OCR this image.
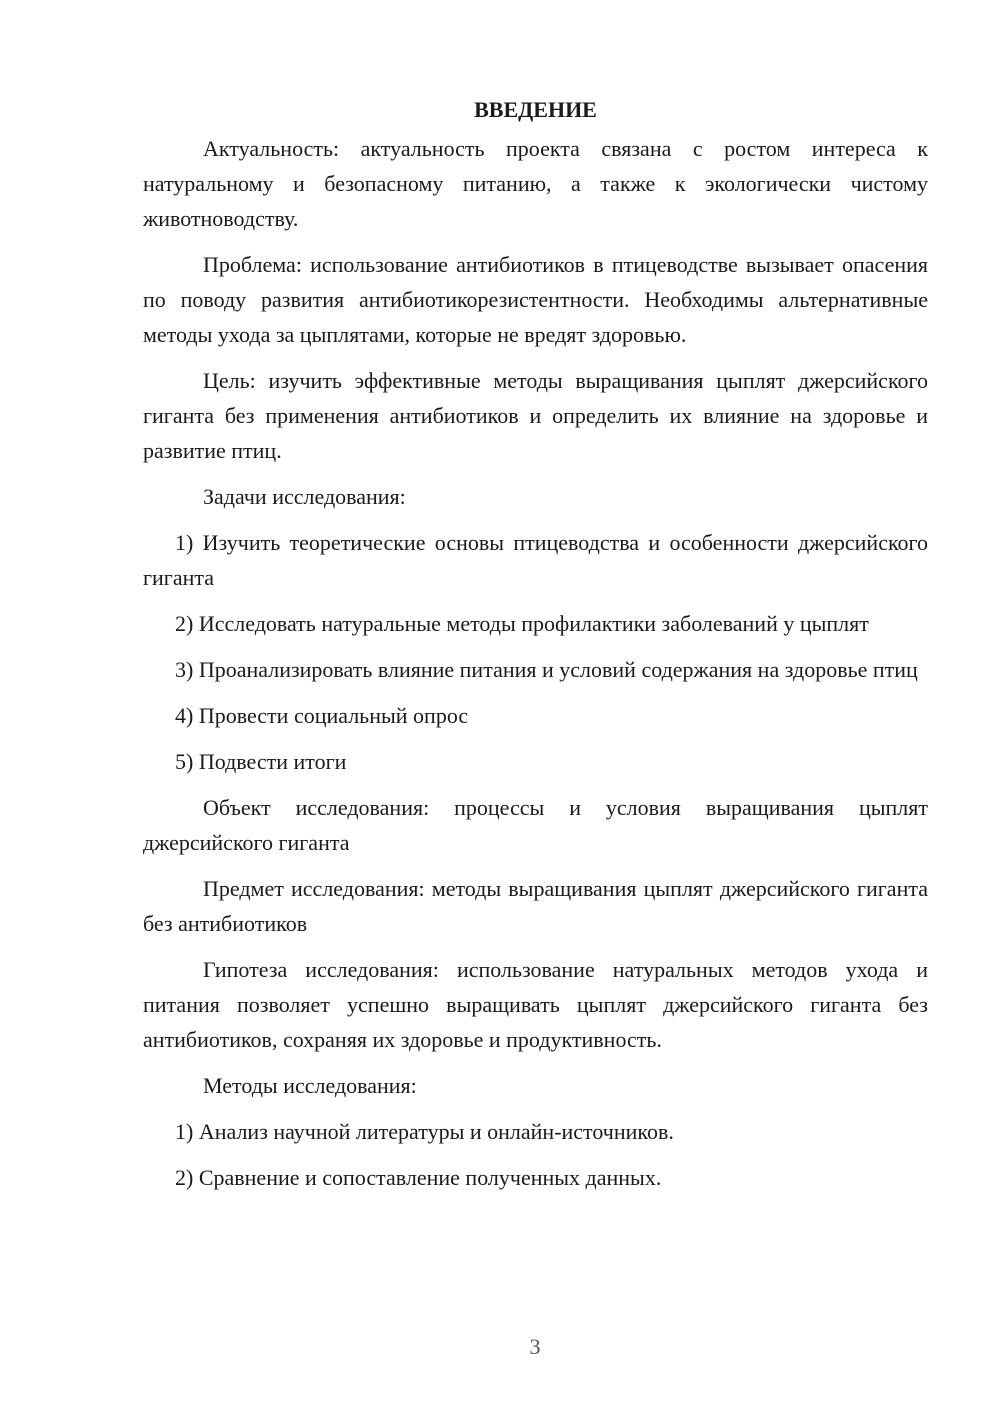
ВВЕДЕНИЕ

Актуальность: актуальность проекта связана с ростом интереса к натуральному и безопасному питанию, а также к экологически чистому животноводству.

Проблема: использование антибиотиков в птицеводстве вызывает опасения по поводу развития антибиотикорезистентности. Необходимы альтернативные методы ухода за цыплятами, которые не вредят здоровью.

Цель: изучить эффективные методы выращивания цыплят джерсийского гиганта без применения антибиотиков и определить их влияние на здоровье и развитие птиц.

Задачи исследования:

1) Изучить теоретические основы птицеводства и особенности джерсийского гиганта

2) Исследовать натуральные методы профилактики заболеваний у цыплят

3) Проанализировать влияние питания и условий содержания на здоровье птиц

4) Провести социальный опрос

5) Подвести итоги

Объект исследования: процессы и условия выращивания цыплят джерсийского гиганта

Предмет исследования: методы выращивания цыплят джерсийского гиганта без антибиотиков

Гипотеза исследования: использование натуральных методов ухода и питания позволяет успешно выращивать цыплят джерсийского гиганта без антибиотиков, сохраняя их здоровье и продуктивность.

Методы исследования:

1) Анализ научной литературы и онлайн-источников.

2) Сравнение и сопоставление полученных данных.

3
